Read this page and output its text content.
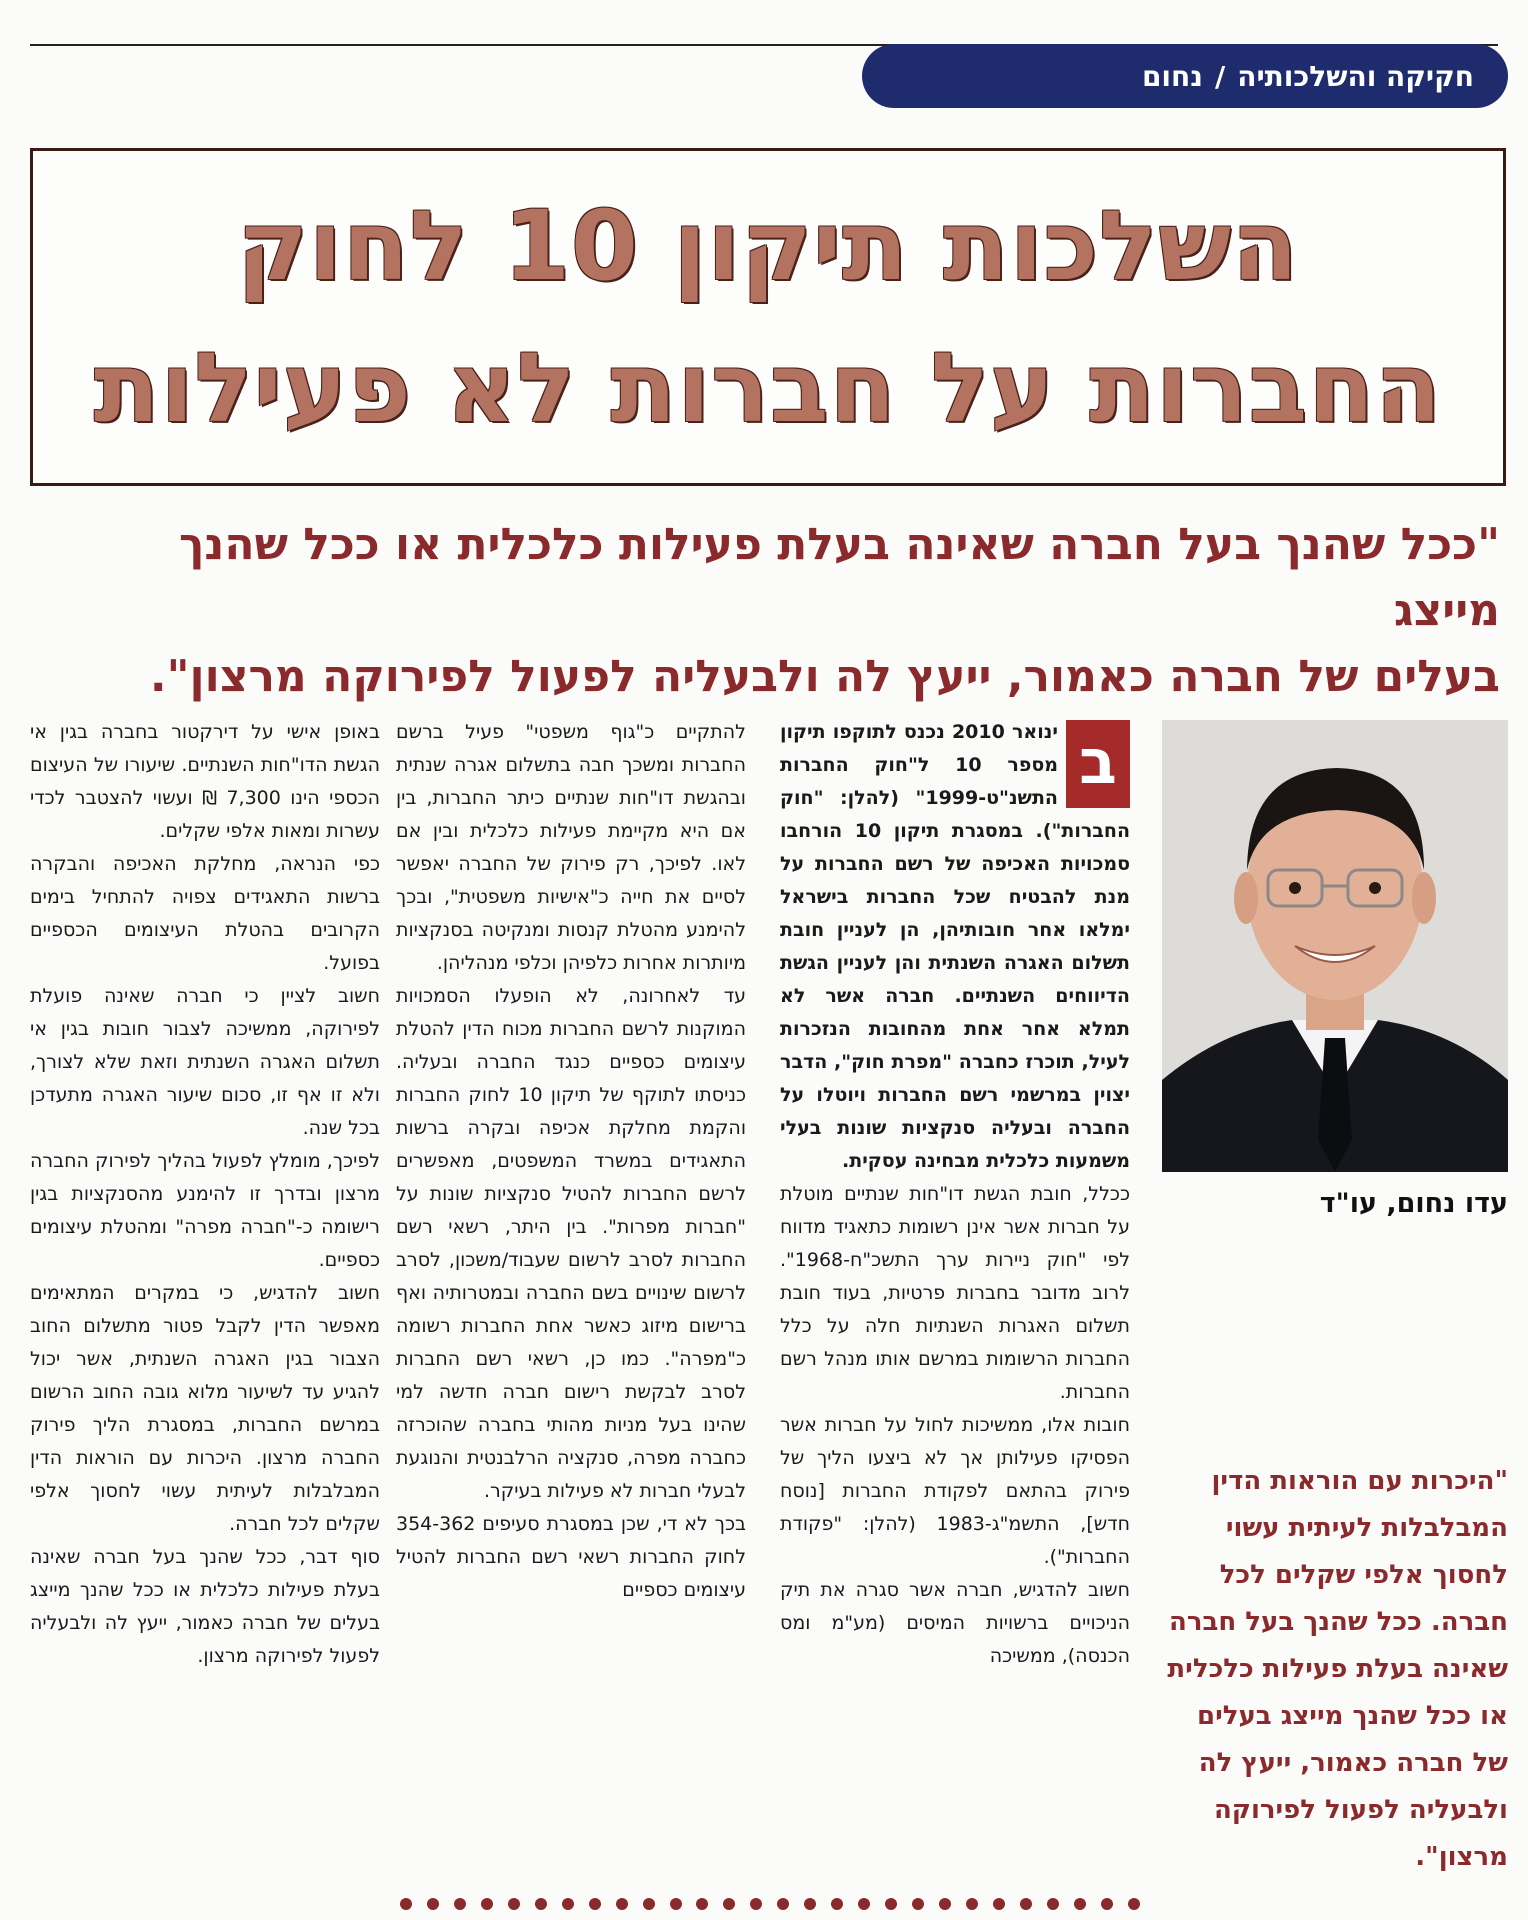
חקיקה והשלכותיה
/
נחום
השלכות תיקון 10 לחוק
החברות על חברות לא פעילות
"ככל שהנך בעל חברה שאינה בעלת פעילות כלכלית או ככל שהנך מייצג
בעלים של חברה כאמור, ייעץ לה ולבעליה לפעול לפירוקה מרצון".
עדו נחום, עו"ד
"היכרות עם הוראות הדין המבלבלות לעיתית עשוי לחסוך אלפי שקלים לכל חברה. ככל שהנך בעל חברה שאינה בעלת פעילות כלכלית או ככל שהנך מייצג בעלים של חברה כאמור, ייעץ לה ולבעליה לפעול לפירוקה מרצון".

ב
ינואר 2010 נכנס לתוקפו תיקון מספר 10 ל"חוק החברות התשנ"ט-1999" (להלן: "חוק החברות"). במסגרת תיקון 10 הורחבו סמכויות האכיפה של רשם החברות על מנת להבטיח שכל החברות בישראל ימלאו אחר חובותיהן, הן לעניין חובת תשלום האגרה השנתית והן לעניין הגשת הדיווחים השנתיים. חברה אשר לא תמלא אחר אחת מהחובות הנזכרות לעיל, תוכרז כחברה "מפרת חוק", הדבר יצוין במרשמי רשם החברות ויוטלו על החברה ובעליה סנקציות שונות בעלי משמעות כלכלית מבחינה עסקית.

ככלל, חובת הגשת דו"חות שנתיים מוטלת על חברות אשר אינן רשומות כתאגיד מדווח לפי "חוק ניירות ערך התשכ"ח-1968". לרוב מדובר בחברות פרטיות, בעוד חובת תשלום האגרות השנתיות חלה על כלל החברות הרשומות במרשם אותו מנהל רשם החברות.

חובות אלו, ממשיכות לחול על חברות אשר הפסיקו פעילותן אך לא ביצעו הליך של פירוק בהתאם לפקודת החברות [נוסח חדש], התשמ"ג-1983 (להלן: "פקודת החברות").

חשוב להדגיש, חברה אשר סגרה את תיק הניכויים ברשויות המיסים (מע"מ ומס הכנסה), ממשיכה

להתקיים כ"גוף משפטי" פעיל ברשם החברות ומשכך חבה בתשלום אגרה שנתית ובהגשת דו"חות שנתיים כיתר החברות, בין אם היא מקיימת פעילות כלכלית ובין אם לאו. לפיכך, רק פירוק של החברה יאפשר לסיים את חייה כ"אישיות משפטית", ובכך להימנע מהטלת קנסות ומנקיטה בסנקציות מיותרות אחרות כלפיהן וכלפי מנהליהן.

עד לאחרונה, לא הופעלו הסמכויות המוקנות לרשם החברות מכוח הדין להטלת עיצומים כספיים כנגד החברה ובעליה. כניסתו לתוקף של תיקון 10 לחוק החברות והקמת מחלקת אכיפה ובקרה ברשות התאגידים במשרד המשפטים, מאפשרים לרשם החברות להטיל סנקציות שונות על "חברות מפרות". בין היתר, רשאי רשם החברות לסרב לרשום שעבוד/משכון, לסרב לרשום שינויים בשם החברה ובמטרותיה ואף ברישום מיזוג כאשר אחת החברות רשומה כ"מפרה". כמו כן, רשאי רשם החברות לסרב לבקשת רישום חברה חדשה למי שהינו בעל מניות מהותי בחברה שהוכרזה כחברה מפרה, סנקציה הרלבנטית והנוגעת לבעלי חברות לא פעילות בעיקר.

בכך לא די, שכן במסגרת סעיפים 354-362 לחוק החברות רשאי רשם החברות להטיל עיצומים כספיים

באופן אישי על דירקטור בחברה בגין אי הגשת הדו"חות השנתיים. שיעורו של העיצום הכספי הינו 7,300 ₪ ועשוי להצטבר לכדי עשרות ומאות אלפי שקלים.

כפי הנראה, מחלקת האכיפה והבקרה ברשות התאגידים צפויה להתחיל בימים הקרובים בהטלת העיצומים הכספיים בפועל.

חשוב לציין כי חברה שאינה פועלת לפירוקה, ממשיכה לצבור חובות בגין אי תשלום האגרה השנתית וזאת שלא לצורך, ולא זו אף זו, סכום שיעור האגרה מתעדכן בכל שנה.

לפיכך, מומלץ לפעול בהליך לפירוק החברה מרצון ובדרך זו להימנע מהסנקציות בגין רישומה כ-"חברה מפרה" ומהטלת עיצומים כספיים.

חשוב להדגיש, כי במקרים המתאימים מאפשר הדין לקבל פטור מתשלום החוב הצבור בגין האגרה השנתית, אשר יכול להגיע עד לשיעור מלוא גובה החוב הרשום במרשם החברות, במסגרת הליך פירוק החברה מרצון. היכרות עם הוראות הדין המבלבלות לעיתית עשוי לחסוך אלפי שקלים לכל חברה.

סוף דבר, ככל שהנך בעל חברה שאינה בעלת פעילות כלכלית או ככל שהנך מייצג בעלים של חברה כאמור, ייעץ לה ולבעליה לפעול לפירוקה מרצון.
